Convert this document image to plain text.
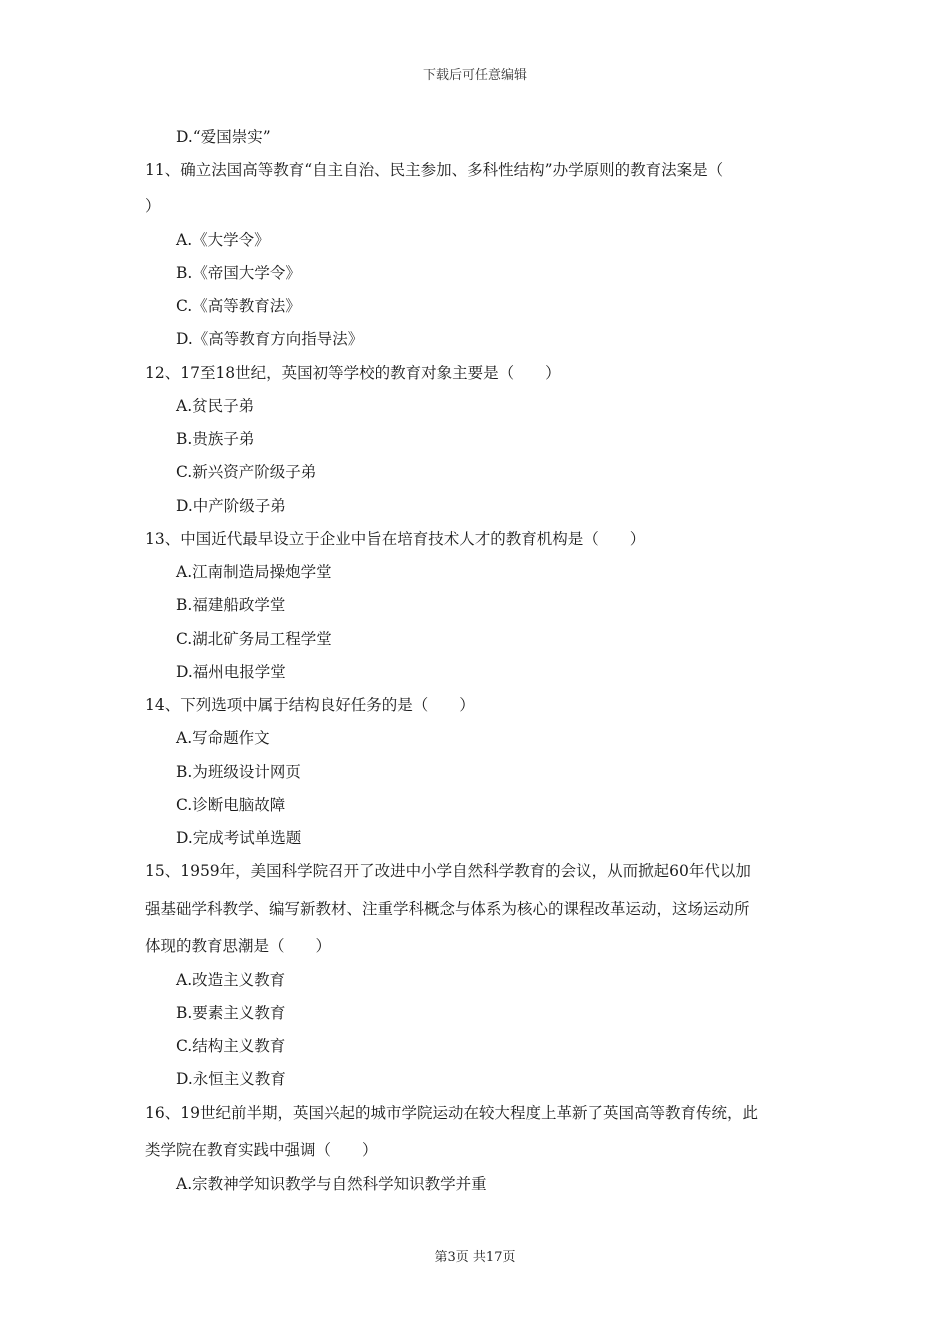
下载后可任意编辑
D.“爱国崇实”
11、确立法国高等教育“自主自治、民主参加、多科性结构”办学原则的教育法案是（
）
A.《大学令》
B.《帝国大学令》
C.《高等教育法》
D.《高等教育方向指导法》
12、17至18世纪，英国初等学校的教育对象主要是（　　）
A.贫民子弟
B.贵族子弟
C.新兴资产阶级子弟
D.中产阶级子弟
13、中国近代最早设立于企业中旨在培育技术人才的教育机构是（　　）
A.江南制造局操炮学堂
B.福建船政学堂
C.湖北矿务局工程学堂
D.福州电报学堂
14、下列选项中属于结构良好任务的是（　　）
A.写命题作文
B.为班级设计网页
C.诊断电脑故障
D.完成考试单选题
15、1959年，美国科学院召开了改进中小学自然科学教育的会议，从而掀起60年代以加
强基础学科教学、编写新教材、注重学科概念与体系为核心的课程改革运动，这场运动所
体现的教育思潮是（　　）
A.改造主义教育
B.要素主义教育
C.结构主义教育
D.永恒主义教育
16、19世纪前半期，英国兴起的城市学院运动在较大程度上革新了英国高等教育传统，此
类学院在教育实践中强调（　　）
A.宗教神学知识教学与自然科学知识教学并重
第3页 共17页
